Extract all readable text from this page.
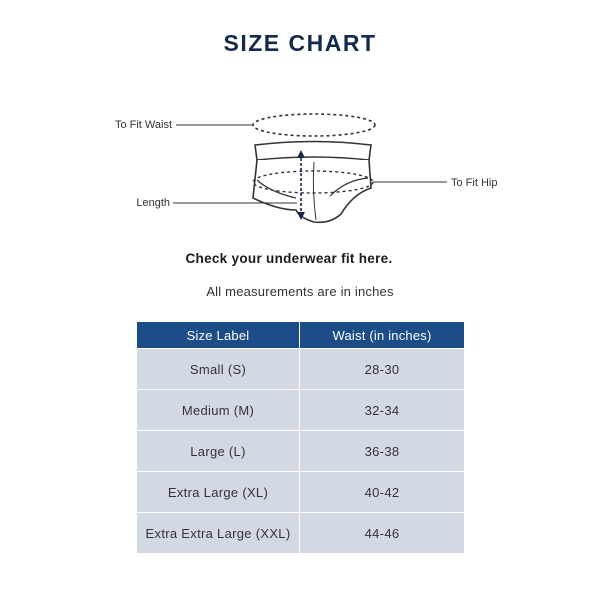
SIZE CHART
To Fit Waist
Length
To Fit Hip
Check your underwear fit here.
All measurements are in inches
Size Label	Waist (in inches)
Small (S)	28-30
Medium (M)	32-34
Large (L)	36-38
Extra Large (XL)	40-42
Extra Extra Large (XXL)	44-46
